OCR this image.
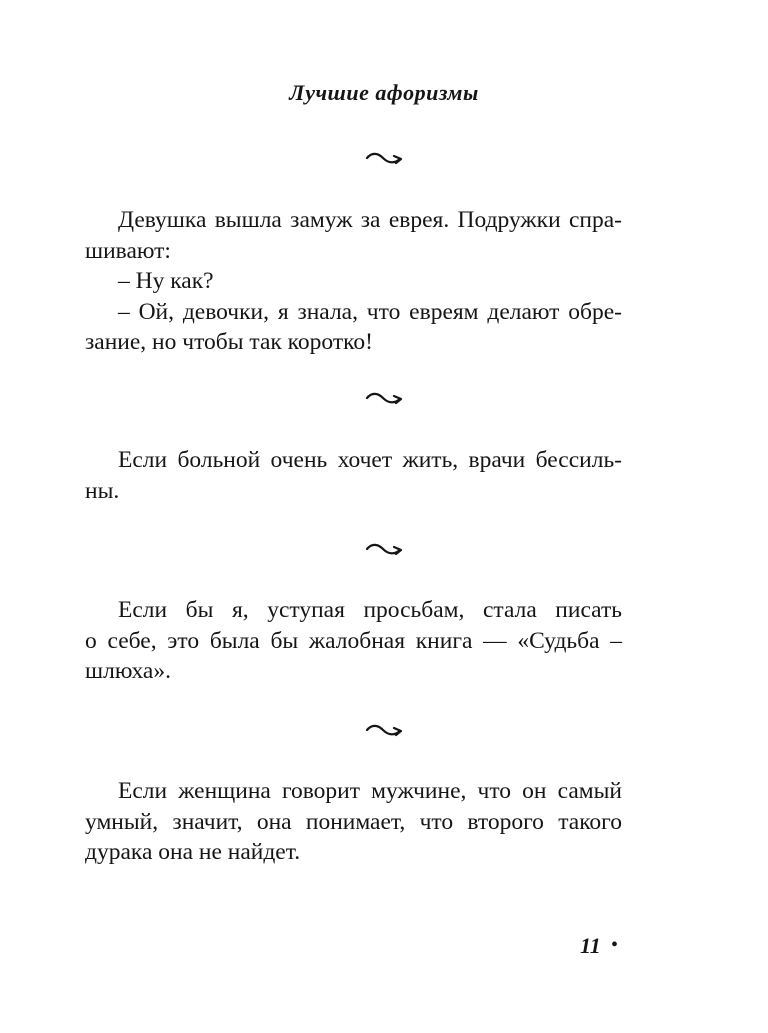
Лучшие афоризмы
Девушка вышла замуж за еврея. Подружки спра-
шивают:
– Ну как?
– Ой, девочки, я знала, что евреям делают обре-
зание, но чтобы так коротко!
Если больной очень хочет жить, врачи бессиль-
ны.
Если бы я, уступая просьбам, стала писать
о себе, это была бы жалобная книга — «Судьба –
шлюха».
Если женщина говорит мужчине, что он самый
умный, значит, она понимает, что второго такого
дурака она не найдет.
11 •
